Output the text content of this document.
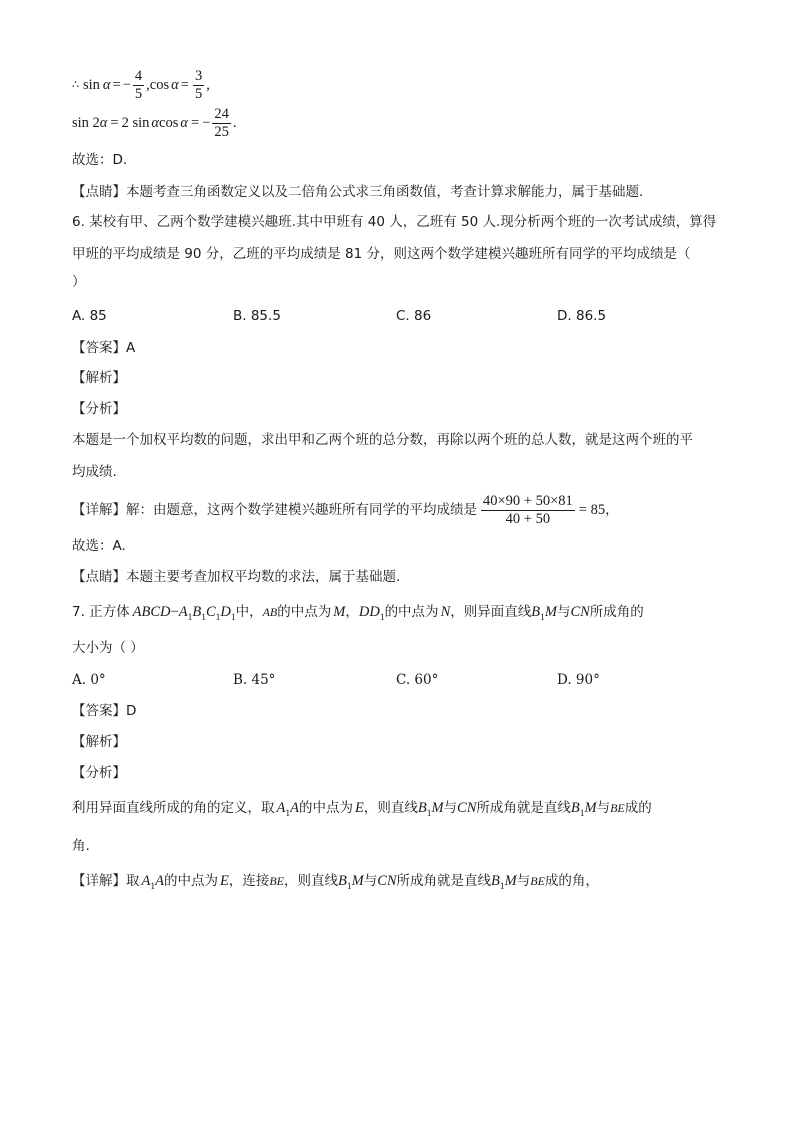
∴ sin α = − $\frac{4}{5}$ , $\cos \alpha = \frac{3}{5}$ ,
sin 2 α = 2 sin α cos α = − $\frac{24}{25}$ .
故选：D.
【点睛】本题考查三角函数定义以及二倍角公式求三角函数值，考查计算求解能力，属于基础题.
6. 某校有甲、乙两个数学建模兴趣班.其中甲班有 40 人，乙班有 50 人.现分析两个班的一次考试成绩，算得
甲班的平均成绩是 90 分，乙班的平均成绩是 81 分，则这两个数学建模兴趣班所有同学的平均成绩是（
）
A. 85	B. 85.5	C. 86	D. 86.5
【答案】A
【解析】
【分析】
本题是一个加权平均数的问题，求出甲和乙两个班的总分数，再除以两个班的总人数，就是这两个班的平
均成绩.
【详解】解：由题意，这两个数学建模兴趣班所有同学的平均成绩是 $\frac{40\times 90 + 50\times 81}{40 + 50} = 85$ ，
故选：A.
【点睛】本题主要考查加权平均数的求法，属于基础题.
7. 正方体 ABCD − A 1 B 1 C 1 D 1 中， AB 的中点为 M ， DD 1 的中点为 N ，则异面直线 B 1 M 与 CN 所成角的
大小为（ ）
A. 0°	B. 45°	C. 60°	D. 90°
【答案】D
【解析】
【分析】
利用异面直线所成的角的定义，取 A 1 A 的中点为 E ，则直线 B 1 M 与 CN 所成角就是直线 B 1 M 与 BE 成的
角.
【详解】取 A 1 A 的中点为 E ，连接 BE ，则直线 B 1 M 与 CN 所成角就是直线 B 1 M 与 BE 成的角，
